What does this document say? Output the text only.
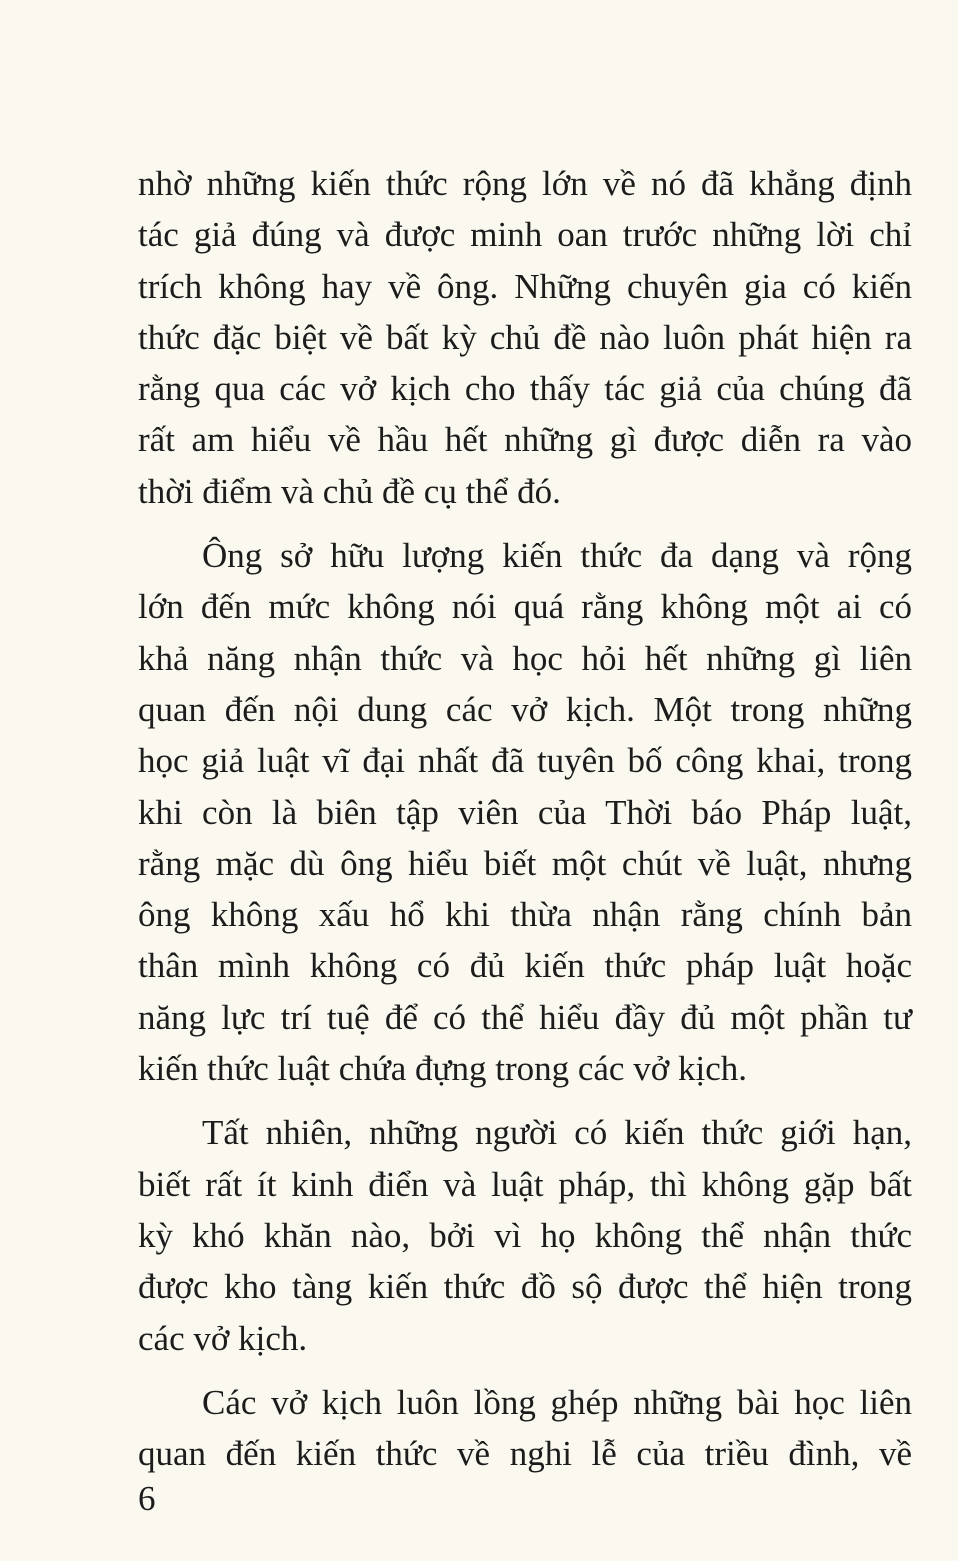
nhờ những kiến thức rộng lớn về nó đã khẳng định
tác giả đúng và được minh oan trước những lời chỉ
trích không hay về ông. Những chuyên gia có kiến
thức đặc biệt về bất kỳ chủ đề nào luôn phát hiện ra
rằng qua các vở kịch cho thấy tác giả của chúng đã
rất am hiểu về hầu hết những gì được diễn ra vào
thời điểm và chủ đề cụ thể đó.
Ông sở hữu lượng kiến thức đa dạng và rộng
lớn đến mức không nói quá rằng không một ai có
khả năng nhận thức và học hỏi hết những gì liên
quan đến nội dung các vở kịch. Một trong những
học giả luật vĩ đại nhất đã tuyên bố công khai, trong
khi còn là biên tập viên của Thời báo Pháp luật,
rằng mặc dù ông hiểu biết một chút về luật, nhưng
ông không xấu hổ khi thừa nhận rằng chính bản
thân mình không có đủ kiến thức pháp luật hoặc
năng lực trí tuệ để có thể hiểu đầy đủ một phần tư
kiến thức luật chứa đựng trong các vở kịch.
Tất nhiên, những người có kiến thức giới hạn,
biết rất ít kinh điển và luật pháp, thì không gặp bất
kỳ khó khăn nào, bởi vì họ không thể nhận thức
được kho tàng kiến thức đồ sộ được thể hiện trong
các vở kịch.
Các vở kịch luôn lồng ghép những bài học liên
quan đến kiến thức về nghi lễ của triều đình, về
6
